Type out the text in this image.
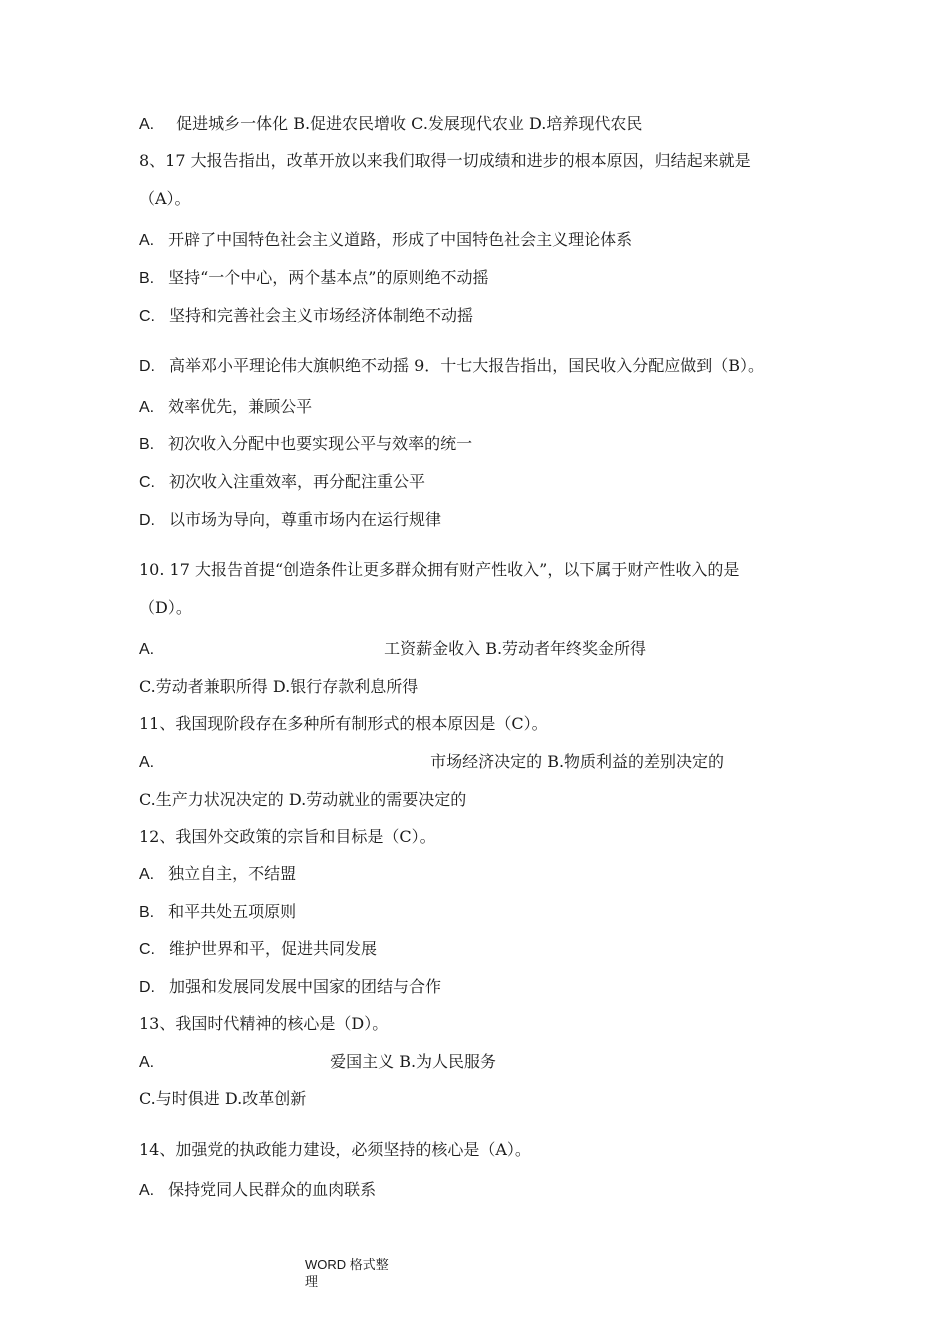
A. 促进城乡一体化 B.促进农民增收 C.发展现代农业 D.培养现代农民
8、17 大报告指出，改革开放以来我们取得一切成绩和进步的根本原因，归结起来就是
（A）。
A. 开辟了中国特色社会主义道路，形成了中国特色社会主义理论体系
B. 坚持“一个中心，两个基本点”的原则绝不动摇
C. 坚持和完善社会主义市场经济体制绝不动摇
D. 高举邓小平理论伟大旗帜绝不动摇 9．十七大报告指出，国民收入分配应做到（B）。
A. 效率优先，兼顾公平
B. 初次收入分配中也要实现公平与效率的统一
C. 初次收入注重效率，再分配注重公平
D. 以市场为导向，尊重市场内在运行规律
10. 17 大报告首提“创造条件让更多群众拥有财产性收入”，以下属于财产性收入的是
（D）。
A.	工资薪金收入 B.劳动者年终奖金所得
C.劳动者兼职所得 D.银行存款利息所得
11、我国现阶段存在多种所有制形式的根本原因是（C）。
A.	市场经济决定的 B.物质利益的差别决定的
C.生产力状况决定的 D.劳动就业的需要决定的
12、我国外交政策的宗旨和目标是（C）。
A. 独立自主，不结盟
B. 和平共处五项原则
C. 维护世界和平，促进共同发展
D. 加强和发展同发展中国家的团结与合作
13、我国时代精神的核心是（D）。
A.	爱国主义 B.为人民服务
C.与时俱进 D.改革创新
14、加强党的执政能力建设，必须坚持的核心是（A）。
A. 保持党同人民群众的血肉联系
WORD 格式整
理
